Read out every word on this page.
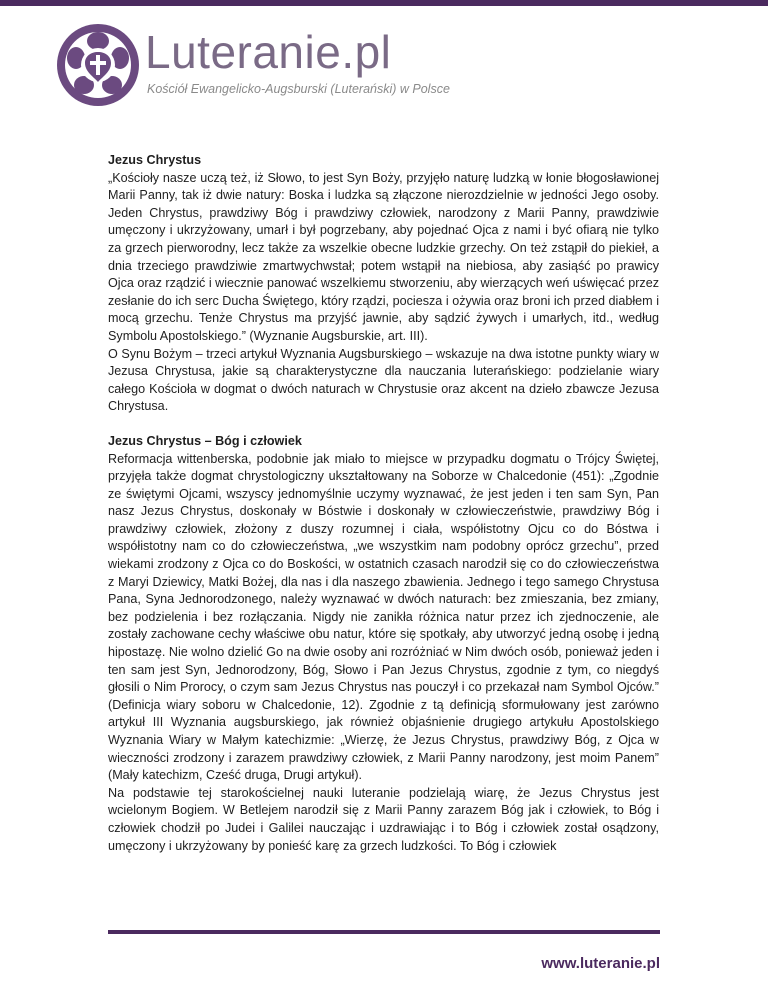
Luteranie.pl
Kościół Ewangelicko-Augsburski (Luterański) w Polsce
Jezus Chrystus

„Kościoły nasze uczą też, iż Słowo, to jest Syn Boży, przyjęło naturę ludzką w łonie błogosławionej Marii Panny, tak iż dwie natury: Boska i ludzka są złączone nierozdzielnie w jedności Jego osoby. Jeden Chrystus, prawdziwy Bóg i prawdziwy człowiek, narodzony z Marii Panny, prawdziwie umęczony i ukrzyżowany, umarł i był pogrzebany, aby pojednać Ojca z nami i być ofiarą nie tylko za grzech pierworodny, lecz także za wszelkie obecne ludzkie grzechy. On też zstąpił do piekieł, a dnia trzeciego prawdziwie zmartwychwstał; potem wstąpił na niebiosa, aby zasiąść po prawicy Ojca oraz rządzić i wiecznie panować wszelkiemu stworzeniu, aby wierzących weń uświęcać przez zesłanie do ich serc Ducha Świętego, który rządzi, pociesza i ożywia oraz broni ich przed diabłem i mocą grzechu. Tenże Chrystus ma przyjść jawnie, aby sądzić żywych i umarłych, itd., według Symbolu Apostolskiego.” (Wyznanie Augsburskie, art. III).

O Synu Bożym – trzeci artykuł Wyznania Augsburskiego – wskazuje na dwa istotne punkty wiary w Jezusa Chrystusa, jakie są charakterystyczne dla nauczania luterańskiego: podzielanie wiary całego Kościoła w dogmat o dwóch naturach w Chrystusie oraz akcent na dzieło zbawcze Jezusa Chrystusa.

Jezus Chrystus – Bóg i człowiek

Reformacja wittenberska, podobnie jak miało to miejsce w przypadku dogmatu o Trójcy Świętej, przyjęła także dogmat chrystologiczny ukształtowany na Soborze w Chalcedonie (451): „Zgodnie ze świętymi Ojcami, wszyscy jednomyślnie uczymy wyznawać, że jest jeden i ten sam Syn, Pan nasz Jezus Chrystus, doskonały w Bóstwie i doskonały w człowieczeństwie, prawdziwy Bóg i prawdziwy człowiek, złożony z duszy rozumnej i ciała, współistotny Ojcu co do Bóstwa i współistotny nam co do człowieczeństwa, „we wszystkim nam podobny oprócz grzechu”, przed wiekami zrodzony z Ojca co do Boskości, w ostatnich czasach narodził się co do człowieczeństwa z Maryi Dziewicy, Matki Bożej, dla nas i dla naszego zbawienia. Jednego i tego samego Chrystusa Pana, Syna Jednorodzonego, należy wyznawać w dwóch naturach: bez zmieszania, bez zmiany, bez podzielenia i bez rozłączania. Nigdy nie zanikła różnica natur przez ich zjednoczenie, ale zostały zachowane cechy właściwe obu natur, które się spotkały, aby utworzyć jedną osobę i jedną hipostazę. Nie wolno dzielić Go na dwie osoby ani rozróżniać w Nim dwóch osób, ponieważ jeden i ten sam jest Syn, Jednorodzony, Bóg, Słowo i Pan Jezus Chrystus, zgodnie z tym, co niegdyś głosili o Nim Prorocy, o czym sam Jezus Chrystus nas pouczył i co przekazał nam Symbol Ojców.” (Definicja wiary soboru w Chalcedonie, 12). Zgodnie z tą definicją sformułowany jest zarówno artykuł III Wyznania augsburskiego, jak również objaśnienie drugiego artykułu Apostolskiego Wyznania Wiary w Małym katechizmie: „Wierzę, że Jezus Chrystus, prawdziwy Bóg, z Ojca w wieczności zrodzony i zarazem prawdziwy człowiek, z Marii Panny narodzony, jest moim Panem” (Mały katechizm, Cześć druga, Drugi artykuł).

Na podstawie tej starokościelnej nauki luteranie podzielają wiarę, że Jezus Chrystus jest wcielonym Bogiem. W Betlejem narodził się z Marii Panny zarazem Bóg jak i człowiek, to Bóg i człowiek chodził po Judei i Galilei nauczając i uzdrawiając i to Bóg i człowiek został osądzony, umęczony i ukrzyżowany by ponieść karę za grzech ludzkości. To Bóg i człowiek

www.luteranie.pl
